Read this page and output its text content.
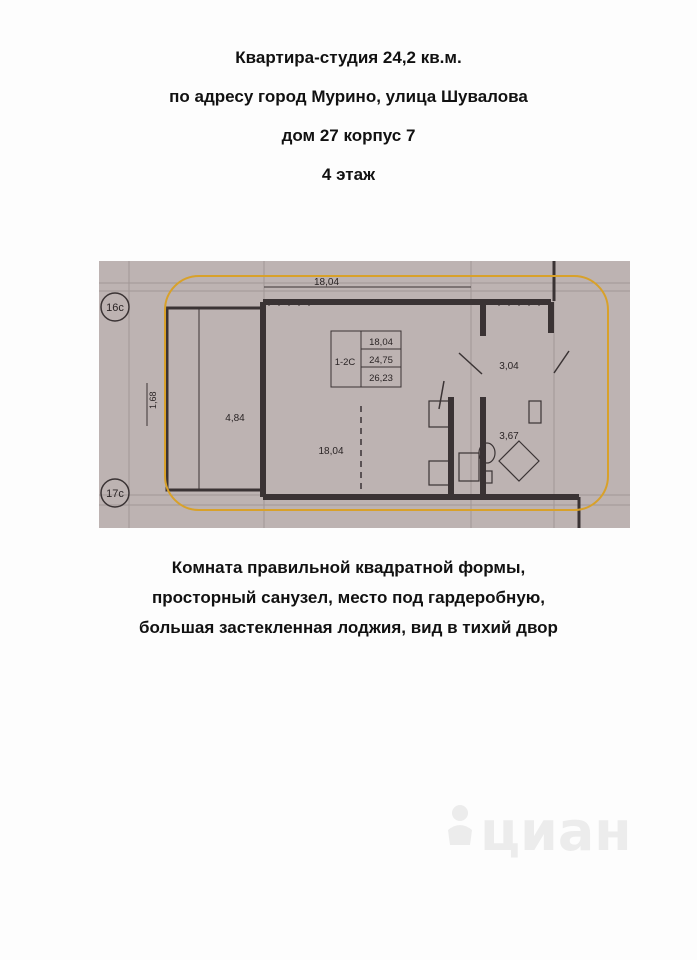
Квартира-студия 24,2 кв.м.
по адресу город Мурино, улица Шувалова
дом 27 корпус 7
4 этаж
16с
17с
1,68
18,04
1-2С
18,04
24,75
26,23
4,84
18,04
3,04
3,67
Комната правильной квадратной формы,
просторный санузел, место под гардеробную,
большая застекленная лоджия, вид в тихий двор
циан
